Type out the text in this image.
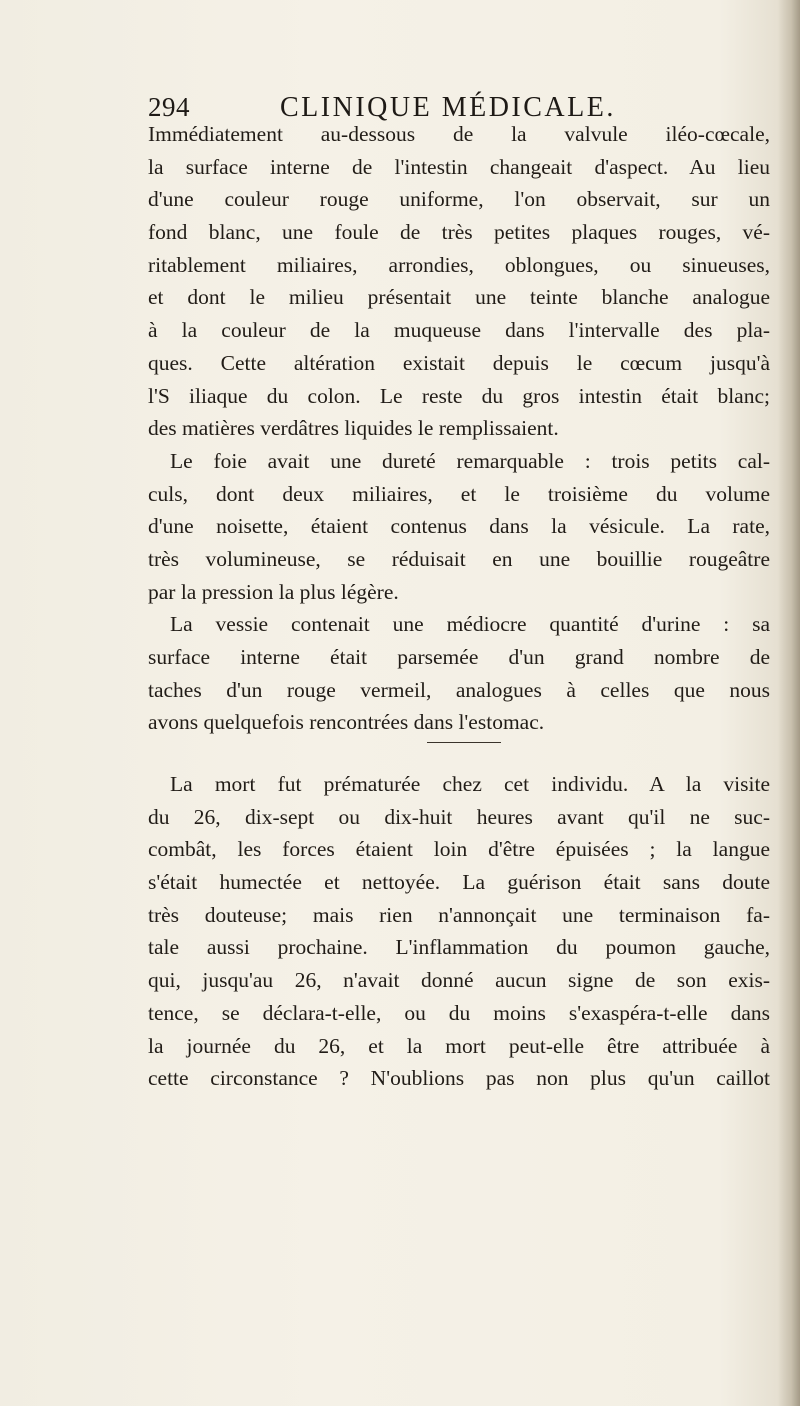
294	CLINIQUE MÉDICALE.
Immédiatement au-dessous de la valvule iléo-cœcale,
la surface interne de l'intestin changeait d'aspect. Au lieu
d'une couleur rouge uniforme, l'on observait, sur un
fond blanc, une foule de très petites plaques rouges, vé-
ritablement miliaires, arrondies, oblongues, ou sinueuses,
et dont le milieu présentait une teinte blanche analogue
à la couleur de la muqueuse dans l'intervalle des pla-
ques. Cette altération existait depuis le cœcum jusqu'à
l'S iliaque du colon. Le reste du gros intestin était blanc;
des matières verdâtres liquides le remplissaient.
Le foie avait une dureté remarquable : trois petits cal-
culs, dont deux miliaires, et le troisième du volume
d'une noisette, étaient contenus dans la vésicule. La rate,
très volumineuse, se réduisait en une bouillie rougeâtre
par la pression la plus légère.
La vessie contenait une médiocre quantité d'urine : sa
surface interne était parsemée d'un grand nombre de
taches d'un rouge vermeil, analogues à celles que nous
avons quelquefois rencontrées dans l'estomac.
La mort fut prématurée chez cet individu. A la visite
du 26, dix-sept ou dix-huit heures avant qu'il ne suc-
combât, les forces étaient loin d'être épuisées ; la langue
s'était humectée et nettoyée. La guérison était sans doute
très douteuse; mais rien n'annonçait une terminaison fa-
tale aussi prochaine. L'inflammation du poumon gauche,
qui, jusqu'au 26, n'avait donné aucun signe de son exis-
tence, se déclara-t-elle, ou du moins s'exaspéra-t-elle dans
la journée du 26, et la mort peut-elle être attribuée à
cette circonstance ? N'oublions pas non plus qu'un caillot
